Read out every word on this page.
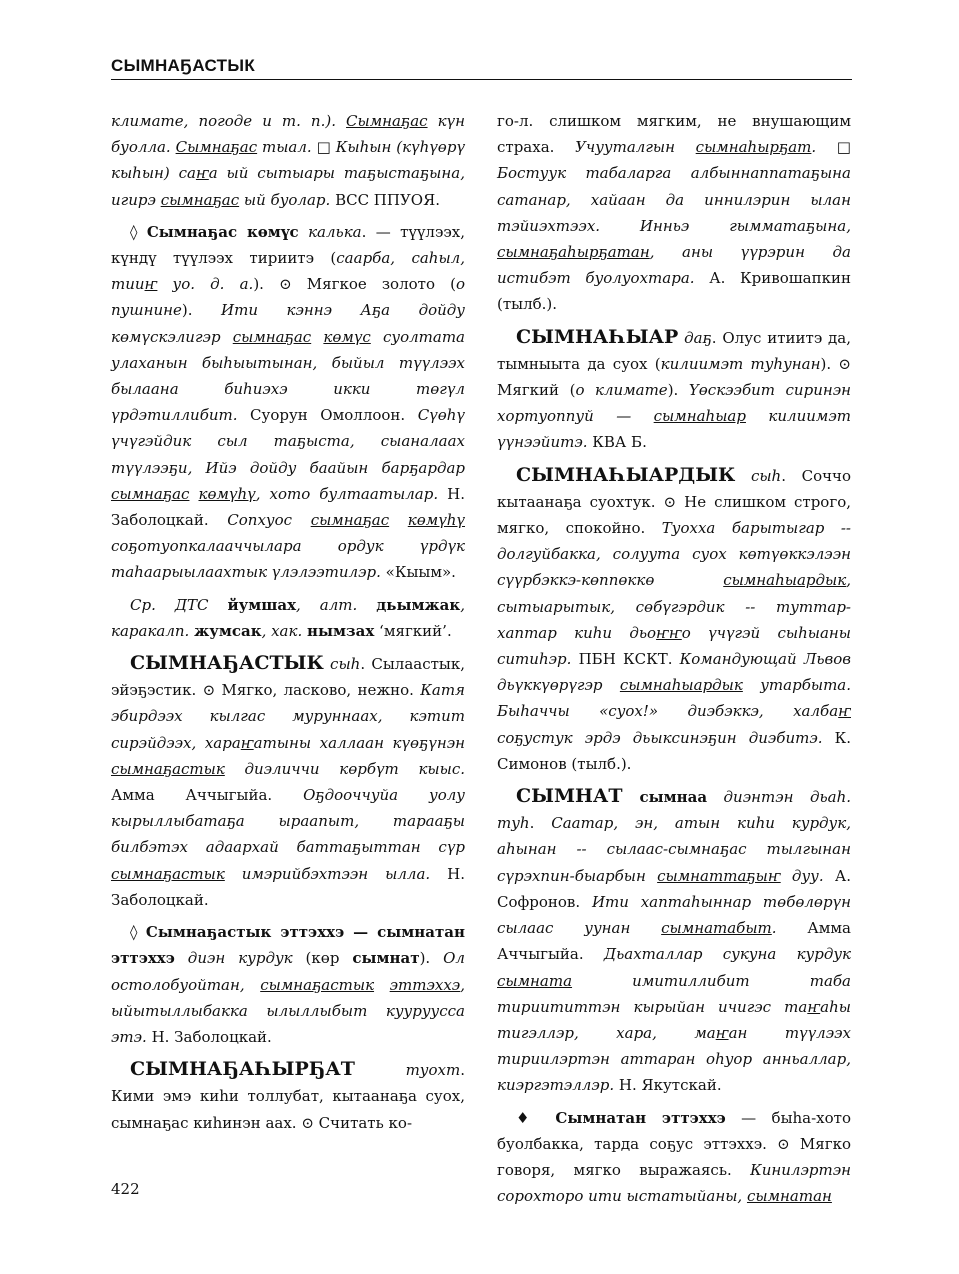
СЫМНАҔАСТЫК

климате, погоде и т. п.). Сымнаҕас күн буолла. Сымнаҕас тыал. □ Кыһын (күһүөрү кыһын) саҥа ый сытыары таҕыстаҕына, игирэ сымнаҕас ый буолар. ВСС ППУОЯ.

◊ Сымнаҕас көмүс калька. — түүлээх, күндү түүлээх тириитэ (саарба, саһыл, тииҥ уо. д. а.). ⊙ Мягкое золото (о пушнине). Ити кэннэ Аҕа дойду көмүскэлигэр сымнаҕас көмүс суолтата улаханын быһыытынан, быйыл түүлээх былаана биһиэхэ икки төгүл үрдэтиллибит. Суорун Омоллоон. Сүөһү үчүгэйдик сыл таҕыста, сыаналаах түүлээҕи, Ийэ дойду баайын барҕардар сымнаҕас көмүһү, хото бултаатылар. Н. Заболоцкай. Сопхуос сымнаҕас көмүһү соҕотуопкалааччылара ордук үрдүк таһаарыылаахтык үлэлээтилэр. «Кыым».

Ср. ДТС йумшах, алт. дьымжак, каракалп. жумсак, хак. нымзах ‘мягкий’.

СЫМНАҔАСТЫК сыһ. Сылаастык, эйэҕэстик. ⊙ Мягко, ласково, нежно. Катя эбирдээх кылгас муруннаах, кэтит сирэйдээх, хараҥатыны халлаан күөҕүнэн сымнаҕастык диэличчи көрбүт кыыс. Амма Аччыгыйа. Оҕдооччуйа уолу кырыллыбатаҕа ыраапыт, тарааҕы билбэтэх адаархай баттаҕыттан сүр сымнаҕастык имэрийбэхтээн ылла. Н. Заболоцкай.

◊ Сымнаҕастык эттэххэ — сымнатан эттэххэ диэн курдук (көр сымнат). Ол остолобуойтан, сымнаҕастык эттэххэ, ыйытыллыбакка ылыллыбыт кууруусса этэ. Н. Заболоцкай.

СЫМНАҔАҺЫРҔАТ туохт. Кими эмэ киһи толлубат, кытаанаҕа суох, сымнаҕас киһинэн аах. ⊙ Считать ко-

го-л. слишком мягким, не внушающим страха. Учууталгын сымнаһырҕат. □ Бостуук табаларга албыннаппатаҕына сатанар, хайаан да иннилэрин ылан тэйиэхтээх. Инньэ гымматаҕына, сымнаҕаһырҕатан, аны үүрэрин да истибэт буолуохтара. А. Кривошапкин (тылб.).

СЫМНАҺЫАР даҕ. Олус итиитэ да, тымныыта да суох (килиимэт туһунан). ⊙ Мягкий (о климате). Үөскээбит сиринэн хортуоппуй — сымнаһыар килиимэт үүнээйитэ. КВА Б.

СЫМНАҺЫАРДЫК сыһ. Соччо кытаанаҕа суохтук. ⊙ Не слишком строго, мягко, спокойно. Туохха барытыгар -- долгуйбакка, солуута суох көтүөккэлээн сүүрбэккэ-көппөккө сымнаһыардык, сытыарытык, сөбүгэрдик -- туттар-хаптар киһи дьоҥҥо үчүгэй сыһыаны ситиһэр. ПБН КСКТ. Командующай Львов дьүккүөрүгэр сымнаһыардык утарбыта. Быһаччы «суох!» диэбэккэ, халбаҥ соҕустук эрдэ дьыксинэҕин диэбитэ. К. Симонов (тылб.).

СЫМНАТ сымнаа диэнтэн дьаһ. туһ. Саатар, эн, атын киһи курдук, аһынан -- сылаас-сымнаҕас тылгынан сүрэхпин-быарбын сымнаттаҕыҥ дуу. А. Софронов. Ити хаптаһыннар төбөлөрүн сылаас уунан сымнатабыт. Амма Аччыгыйа. Дьахталлар сукуна курдук сымната имитиллибит таба тириититтэн кырыйан ичигэс таҥаһы тигэллэр, хара, маҥан түүлээх тириилэртэн аттаран оһуор анньаллар, киэргэтэллэр. Н. Якутскай.

♦ Сымнатан эттэххэ — быһа-хото буолбакка, тарда соҕус эттэххэ. ⊙ Мягко говоря, мягко выражаясь. Кинилэртэн сорохторо ити ыстатыйаны, сымнатан

422
